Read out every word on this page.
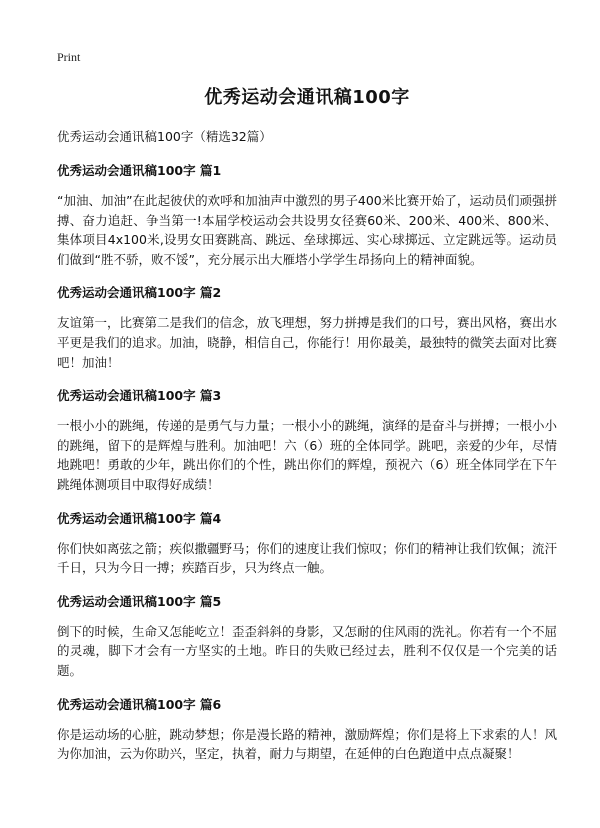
Print
优秀运动会通讯稿100字
优秀运动会通讯稿100字（精选32篇）
优秀运动会通讯稿100字 篇1
“加油、加油”在此起彼伏的欢呼和加油声中激烈的男子400米比赛开始了，运动员们顽强拼搏、奋力追赶、争当第一!本届学校运动会共设男女径赛60米、200米、400米、800米、集体项目4x100米,设男女田赛跳高、跳远、垒球掷远、实心球掷远、立定跳远等。运动员们做到“胜不骄，败不馁”，充分展示出大雁塔小学学生昂扬向上的精神面貌。
优秀运动会通讯稿100字 篇2
友谊第一，比赛第二是我们的信念，放飞理想，努力拼搏是我们的口号，赛出风格，赛出水平更是我们的追求。加油，晓静，相信自己，你能行！用你最美，最独特的微笑去面对比赛吧！加油！
优秀运动会通讯稿100字 篇3
一根小小的跳绳，传递的是勇气与力量；一根小小的跳绳，演绎的是奋斗与拼搏；一根小小的跳绳，留下的是辉煌与胜利。加油吧！六（6）班的全体同学。跳吧，亲爱的少年，尽情地跳吧！勇敢的少年，跳出你们的个性，跳出你们的辉煌，预祝六（6）班全体同学在下午跳绳体测项目中取得好成绩！
优秀运动会通讯稿100字 篇4
你们快如离弦之箭；疾似撒疆野马；你们的速度让我们惊叹；你们的精神让我们钦佩；流汗千日，只为今日一搏；疾踏百步，只为终点一触。
优秀运动会通讯稿100字 篇5
倒下的时候，生命又怎能屹立！歪歪斜斜的身影，又怎耐的住风雨的洗礼。你若有一个不屈的灵魂，脚下才会有一方坚实的土地。昨日的失败已经过去，胜利不仅仅是一个完美的话题。
优秀运动会通讯稿100字 篇6
你是运动场的心脏，跳动梦想；你是漫长路的精神，激励辉煌；你们是将上下求索的人！风为你加油，云为你助兴，坚定，执着，耐力与期望，在延伸的白色跑道中点点凝聚！
